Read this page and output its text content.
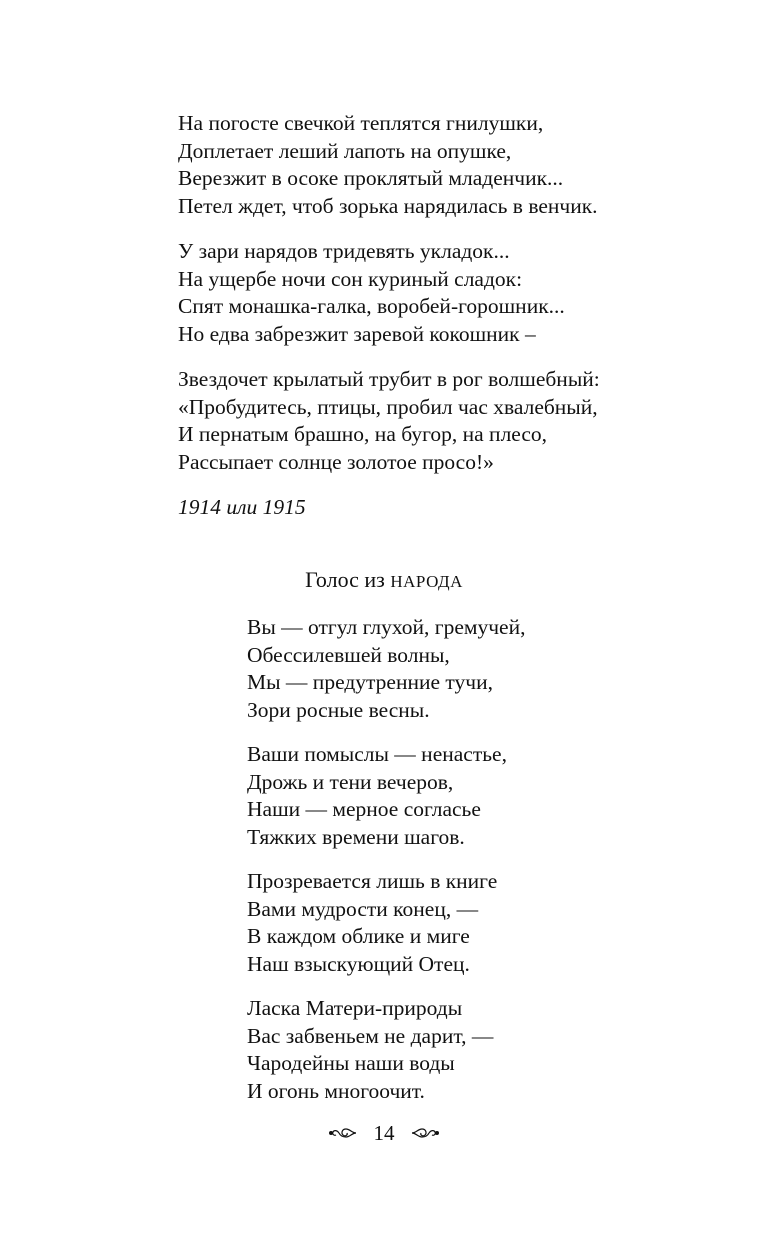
На погосте свечкой теплятся гнилушки,
Доплетает леший лапоть на опушке,
Верезжит в осоке проклятый младенчик...
Петел ждет, чтоб зорька нарядилась в венчик.
У зари нарядов тридевять укладок...
На ущербе ночи сон куриный сладок:
Спят монашка-галка, воробей-горошник...
Но едва забрезжит заревой кокошник –
Звездочет крылатый трубит в рог волшебный:
«Пробудитесь, птицы, пробил час хвалебный,
И пернатым брашно, на бугор, на плесо,
Рассыпает солнце золотое просо!»
1914 или 1915
Голос из НАРОДА
Вы — отгул глухой, гремучей,
Обессилевшей волны,
Мы — предутренние тучи,
Зори росные весны.
Ваши помыслы — ненастье,
Дрожь и тени вечеров,
Наши — мерное согласье
Тяжких времени шагов.
Прозревается лишь в книге
Вами мудрости конец, —
В каждом облике и миге
Наш взыскующий Отец.
Ласка Матери-природы
Вас забвеньем не дарит, —
Чародейны наши воды
И огонь многоочит.
14
